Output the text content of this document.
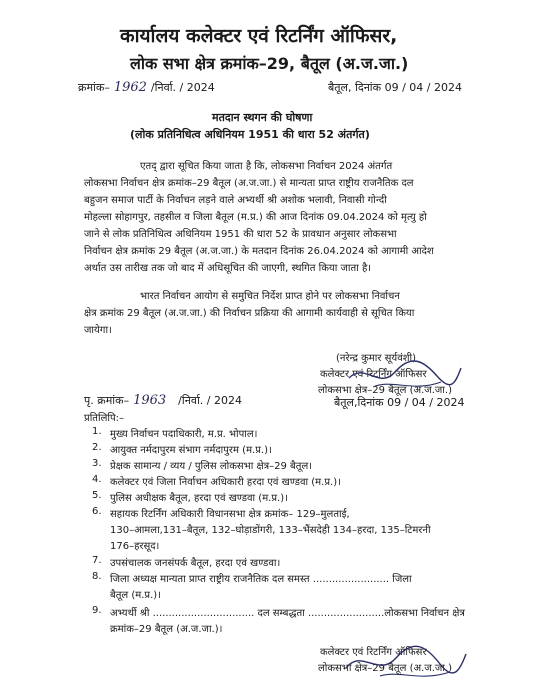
कार्यालय कलेक्टर एवं रिटर्निंग ऑफिसर,
लोक सभा क्षेत्र क्रमांक–29, बैतूल (अ.ज.जा.)
क्रमांक– 1962 /निर्वा. / 2024	बैतूल, दिनांक 09 / 04 / 2024
मतदान स्थगन की घोषणा
(लोक प्रतिनिधित्व अधिनियम 1951 की धारा 52 अंतर्गत)
एतद् द्वारा सूचित किया जाता है कि, लोकसभा निर्वाचन 2024 अंतर्गत
लोकसभा निर्वाचन क्षेत्र क्रमांक–29 बैतूल (अ.ज.जा.) से मान्यता प्राप्त राष्ट्रीय राजनैतिक दल
बहुजन समाज पार्टी के निर्वाचन लड़ने वाले अभ्यर्थी श्री अशोक भलावी, निवासी गोन्दी
मोहल्ला सोहागपुर, तहसील व जिला बैतूल (म.प्र.) की आज दिनांक 09.04.2024 को मृत्यु हो
जाने से लोक प्रतिनिधित्व अधिनियम 1951 की धारा 52 के प्रावधान अनुसार लोकसभा
निर्वाचन क्षेत्र क्रमांक 29 बैतूल (अ.ज.जा.) के मतदान दिनांक 26.04.2024 को आगामी आदेश
अर्थात उस तारीख तक जो बाद में अधिसूचित की जाएगी, स्थगित किया जाता है।
भारत निर्वाचन आयोग से समुचित निर्देश प्राप्त होने पर लोकसभा निर्वाचन
क्षेत्र क्रमांक 29 बैतूल (अ.ज.जा.) की निर्वाचन प्रक्रिया की आगामी कार्यवाही से सूचित किया
जायेगा।
(नरेन्द्र कुमार सूर्यवंशी)
कलेक्टर एवं रिटर्निंग ऑफिसर
लोकसभा क्षेत्र–29 बैतूल (अ.ज.जा.)
पृ. क्रमांक– 1963 /निर्वा. / 2024	बैतूल,दिनांक 09 / 04 / 2024
प्रतिलिपि:–
1. मुख्य निर्वाचन पदाधिकारी, म.प्र. भोपाल।
2. आयुक्त नर्मदापुरम संभाग नर्मदापुरम (म.प्र.)।
3. प्रेक्षक सामान्य / व्यय / पुलिस लोकसभा क्षेत्र–29 बैतूल।
4. कलेक्टर एवं जिला निर्वाचन अधिकारी हरदा एवं खण्डवा (म.प्र.)।
5. पुलिस अधीक्षक बैतूल, हरदा एवं खण्डवा (म.प्र.)।
6. सहायक रिटर्निंग अधिकारी विधानसभा क्षेत्र क्रमांक– 129–मुलताई,
130–आमला,131–बैतूल, 132–घोड़ाडोंगरी, 133–भैंसदेही 134–हरदा, 135–टिमरनी
176–हरसूद।
7. उपसंचालक जनसंपर्क बैतूल, हरदा एवं खण्डवा।
8. जिला अध्यक्ष मान्यता प्राप्त राष्ट्रीय राजनैतिक दल समस्त ........................ जिला
बैतूल (म.प्र.)।
9. अभ्यर्थी श्री ................................ दल सम्बद्धता ........................लोकसभा निर्वाचन क्षेत्र
क्रमांक–29 बैतूल (अ.ज.जा.)।
कलेक्टर एवं रिटर्निंग ऑफिसर
लोकसभा क्षेत्र–29 बैतूल (अ.ज.जा.)
